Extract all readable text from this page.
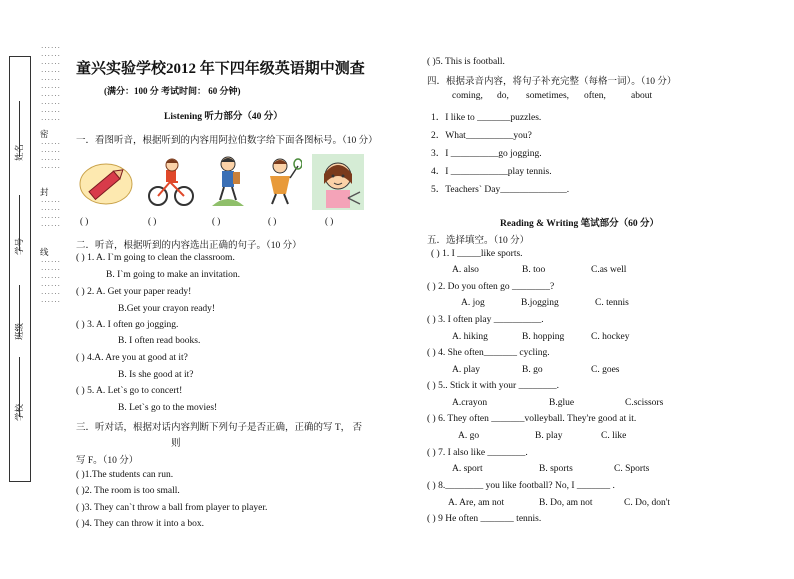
姓名
学号
班级
学校
······
······
······
······
······
······
······
······
······
······
密
······
······
······
······
封
······
······
······
······
线
······
······
······
······
······
······
童兴实验学校2012 年下四年级英语期中测查
(满分：100 分 考试时间： 60 分钟)
Listening 听力部分（40 分）
一．看图听音，根据听到的内容用阿拉伯数字给下面各图标号。（10 分）
( )	( )	( )	( )	( )
二．听音，根据听到的内容选出正确的句子。（10 分）
( ) 1. A. I`m going to clean the classroom.
B. I`m going to make an invitation.
( ) 2. A. Get your paper ready!
B.Get your crayon ready!
( ) 3. A. I often go jogging.
B. I often read books.
( ) 4.A. Are you at good at it?
B. Is she good at it?
( ) 5. A. Let`s go to concert!
B. Let`s go to the movies!
三．听对话，根据对话内容判断下列句子是否正确，正确的写 T， 否
则
写 F。（10 分）
( )1.The students can run.
( )2. The room is too small.
( )3. They can`t throw a ball from player to player.
( )4. They can throw it into a box.
( )5. This is football.
四．根据录音内容，将句子补充完整（每格一词）。（10 分）
coming, do, sometimes, often,	about
1．I like to _______puzzles.
2．What__________you?
3．I __________go jogging.
4．I ____________play tennis.
5．Teachers` Day______________.
Reading & Writing 笔试部分（60 分）
五．选择填空。（10 分）
( ) 1. I _____like sports.
A. also	B. too	C.as well
( ) 2. Do you often go ________?
A. jog	B.jogging	C. tennis
( ) 3. I often play __________.
A. hiking	B. hopping	C. hockey
( ) 4. She often_______ cycling.
A. play	B. go	C. goes
( ) 5.. Stick it with your ________.
A.crayon	B.glue	C.scissors
( ) 6. They often _______volleyball. They're good at it.
A. go	B. play	C. like
( ) 7. I also like ________.
A. sport	B. sports	C. Sports
( ) 8.________ you like football? No, I _______ .
A. Are, am not	B. Do, am not	C. Do, don't
( ) 9 He often _______ tennis.
